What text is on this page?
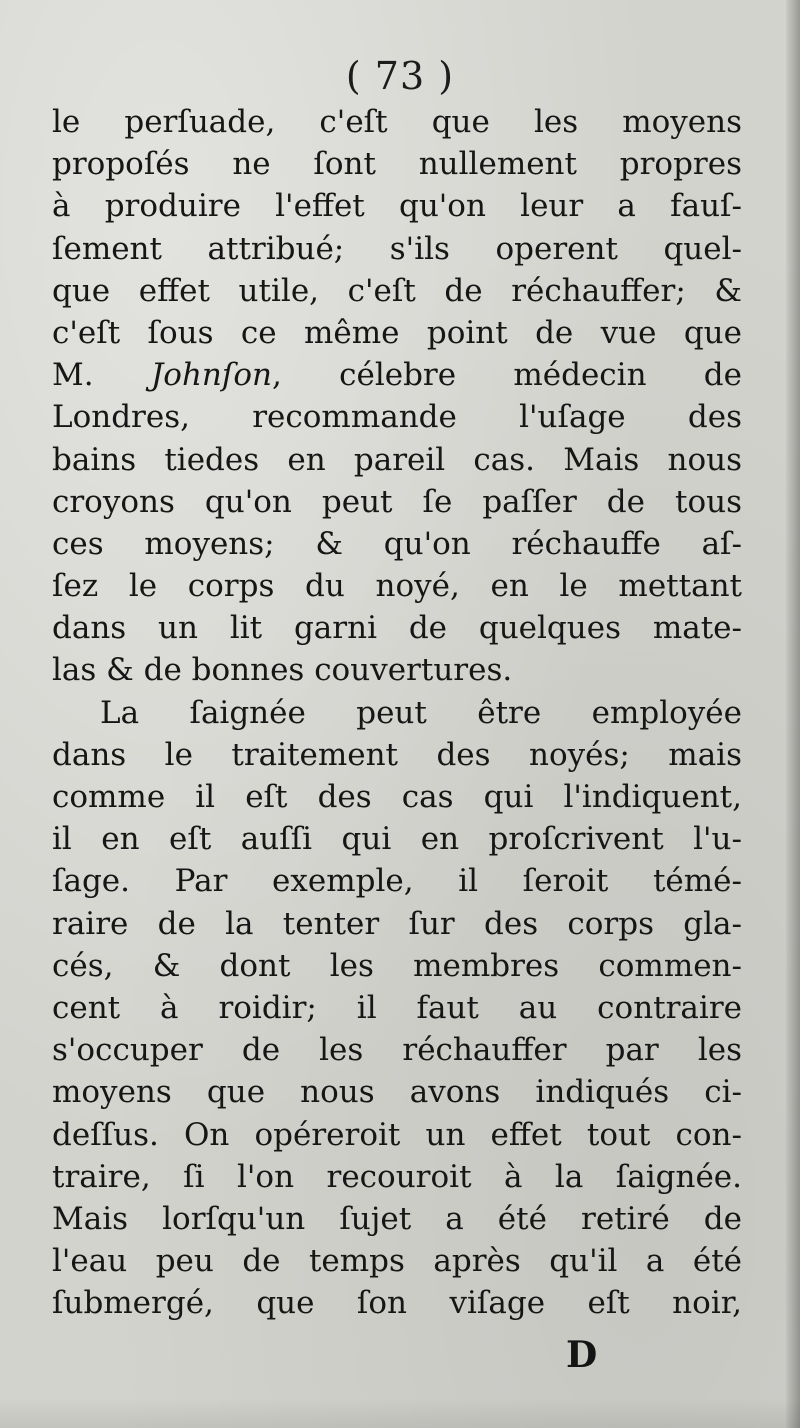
( 73 )
le perſuade, c'eſt que les moyens
propoſés ne ſont nullement propres
à produire l'effet qu'on leur a fauſ-
ſement attribué; s'ils operent quel-
que effet utile, c'eſt de réchauffer; &
c'eſt ſous ce même point de vue que
M. Johnſon, célebre médecin de
Londres, recommande l'uſage des
bains tiedes en pareil cas. Mais nous
croyons qu'on peut ſe paſſer de tous
ces moyens; & qu'on réchauffe aſ-
ſez le corps du noyé, en le mettant
dans un lit garni de quelques mate-
las & de bonnes couvertures.
La ſaignée peut être employée
dans le traitement des noyés; mais
comme il eſt des cas qui l'indiquent,
il en eſt auſſi qui en proſcrivent l'u-
ſage. Par exemple, il ſeroit témé-
raire de la tenter ſur des corps gla-
cés, & dont les membres commen-
cent à roidir; il faut au contraire
s'occuper de les réchauffer par les
moyens que nous avons indiqués ci-
deſſus. On opéreroit un effet tout con-
traire, ſi l'on recouroit à la ſaignée.
Mais lorſqu'un ſujet a été retiré de
l'eau peu de temps après qu'il a été
ſubmergé, que ſon viſage eſt noir,
D
